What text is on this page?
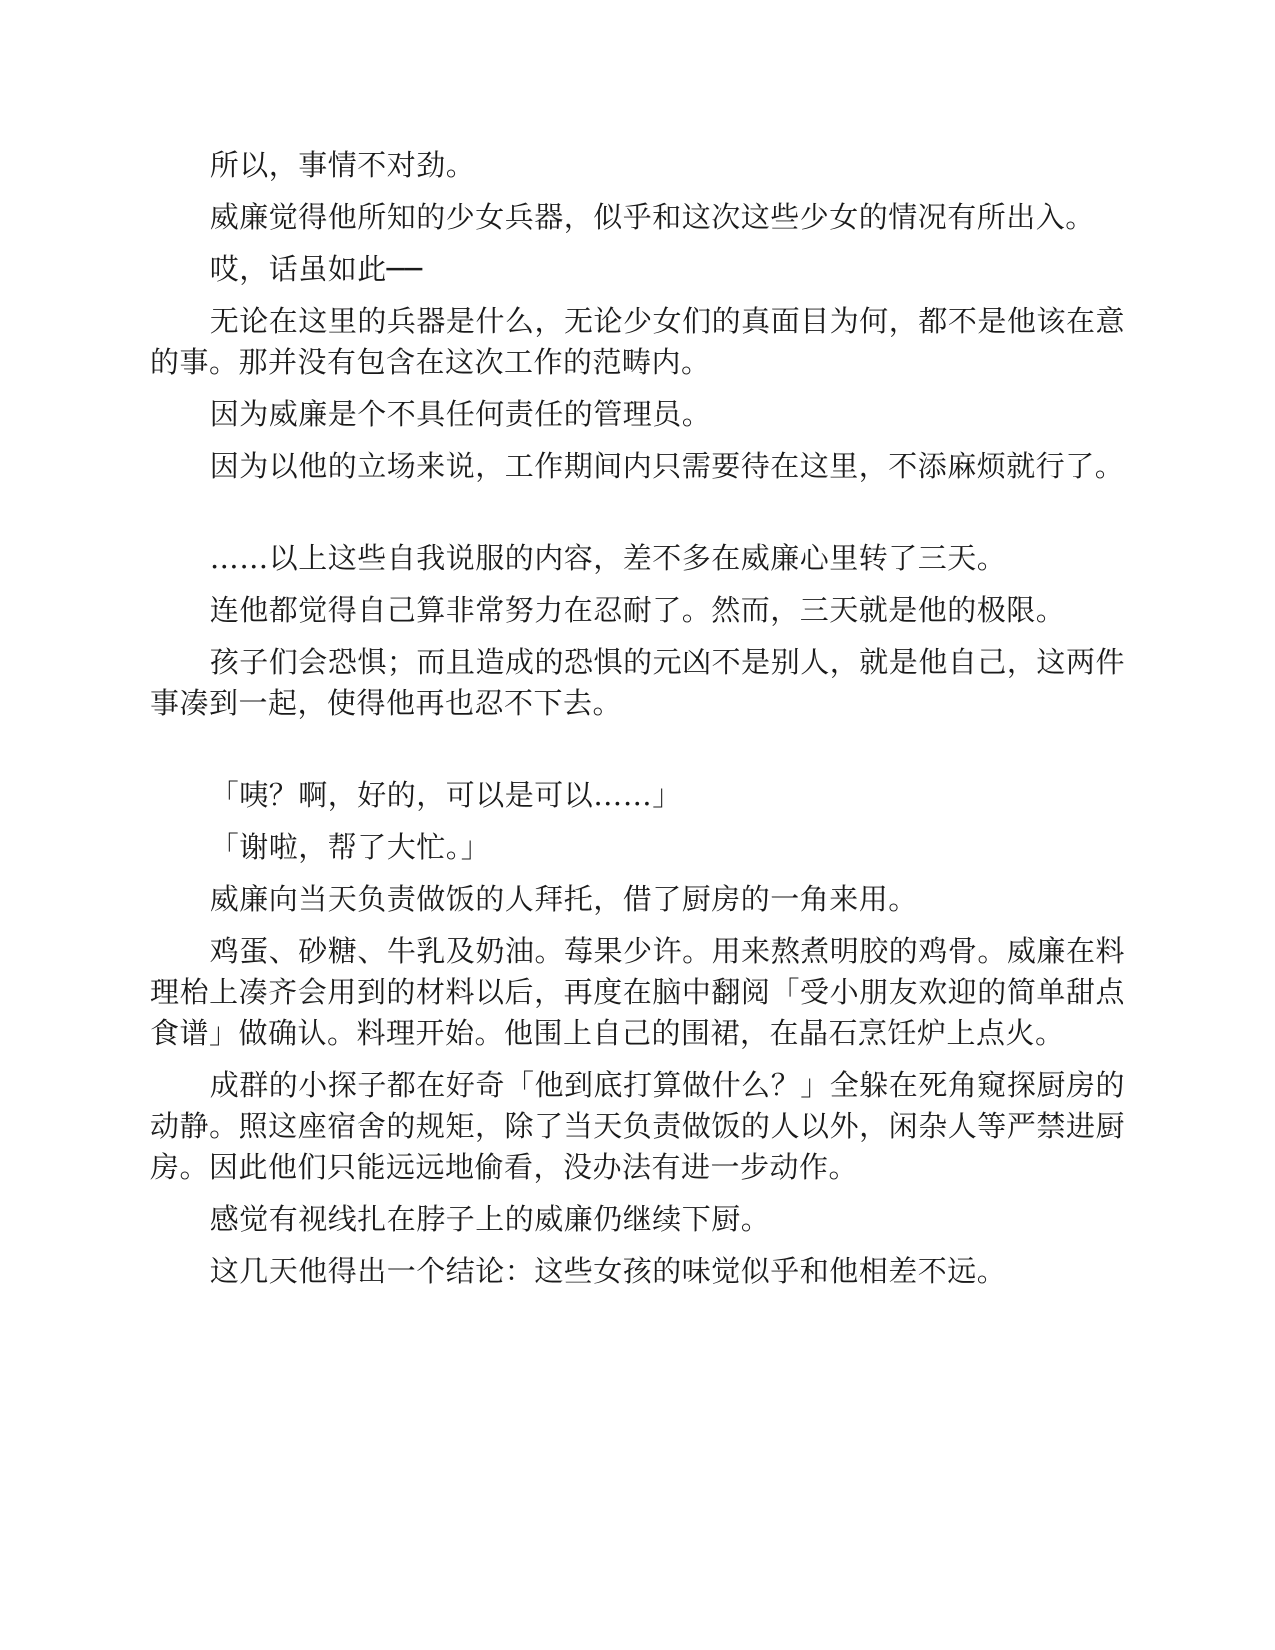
所以，事情不对劲。

威廉觉得他所知的少女兵器，似乎和这次这些少女的情况有所出入。

哎，话虽如此──

无论在这里的兵器是什么，无论少女们的真面目为何，都不是他该在意的事。那并没有包含在这次工作的范畴内。

因为威廉是个不具任何责任的管理员。

因为以他的立场来说，工作期间内只需要待在这里，不添麻烦就行了。

……以上这些自我说服的内容，差不多在威廉心里转了三天。

连他都觉得自己算非常努力在忍耐了。然而，三天就是他的极限。

孩子们会恐惧；而且造成的恐惧的元凶不是别人，就是他自己，这两件事凑到一起，使得他再也忍不下去。

「咦？啊，好的，可以是可以……」

「谢啦，帮了大忙。」

威廉向当天负责做饭的人拜托，借了厨房的一角来用。

鸡蛋、砂糖、牛乳及奶油。莓果少许。用来熬煮明胶的鸡骨。威廉在料理枱上凑齐会用到的材料以后，再度在脑中翻阅「受小朋友欢迎的简单甜点食谱」做确认。料理开始。他围上自己的围裙，在晶石烹饪炉上点火。

成群的小探子都在好奇「他到底打算做什么？」全躲在死角窥探厨房的动静。照这座宿舍的规矩，除了当天负责做饭的人以外，闲杂人等严禁进厨房。因此他们只能远远地偷看，没办法有进一步动作。

感觉有视线扎在脖子上的威廉仍继续下厨。

这几天他得出一个结论：这些女孩的味觉似乎和他相差不远。
